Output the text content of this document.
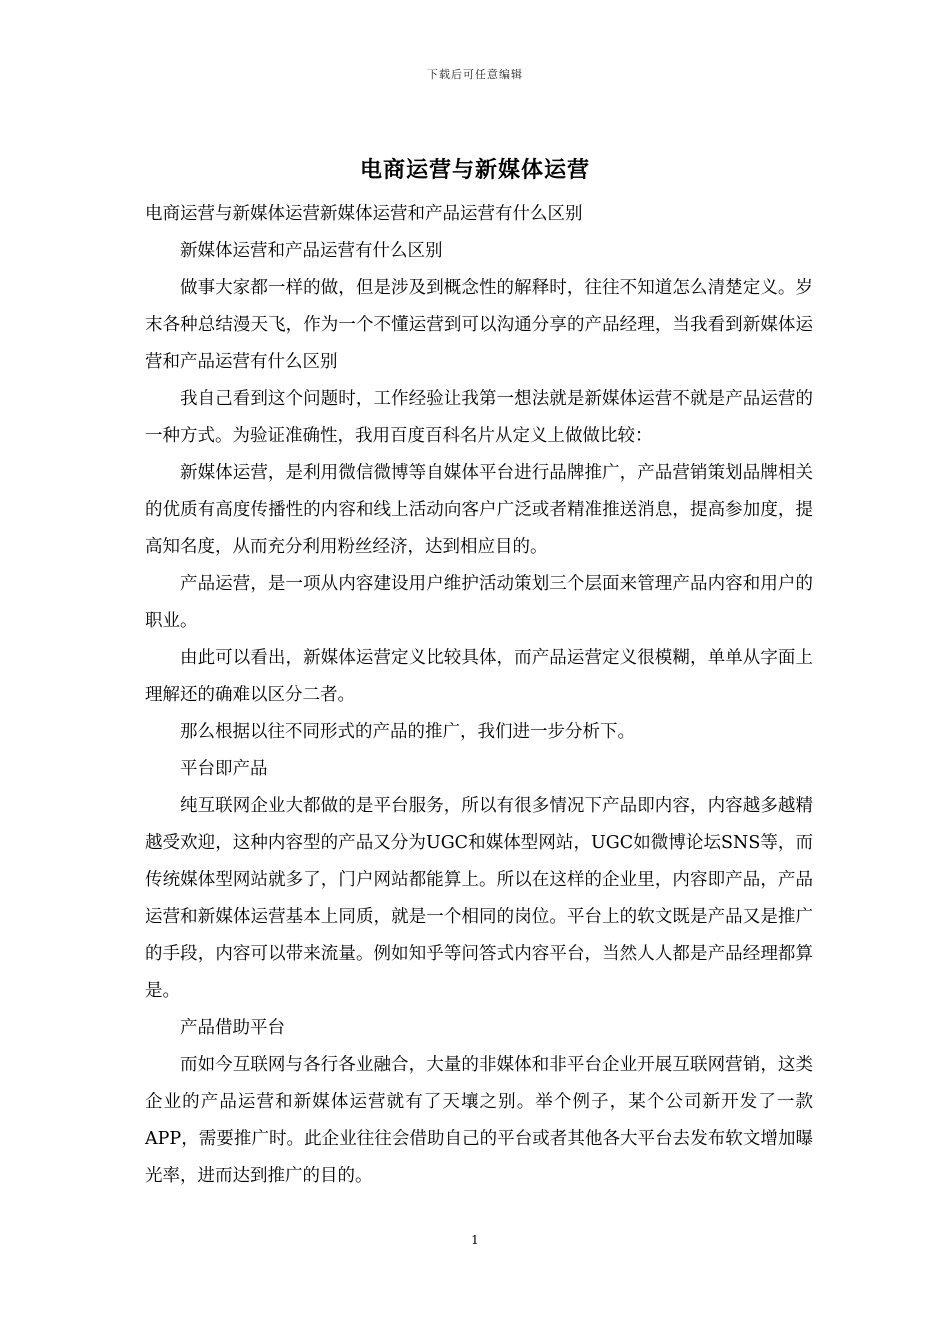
下载后可任意编辑
电商运营与新媒体运营

电商运营与新媒体运营新媒体运营和产品运营有什么区别

新媒体运营和产品运营有什么区别

做事大家都一样的做，但是涉及到概念性的解释时，往往不知道怎么清楚定义。岁末各种总结漫天飞，作为一个不懂运营到可以沟通分享的产品经理，当我看到新媒体运营和产品运营有什么区别

我自己看到这个问题时，工作经验让我第一想法就是新媒体运营不就是产品运营的一种方式。为验证准确性，我用百度百科名片从定义上做做比较：

新媒体运营，是利用微信微博等自媒体平台进行品牌推广，产品营销策划品牌相关的优质有高度传播性的内容和线上活动向客户广泛或者精准推送消息，提高参加度，提高知名度，从而充分利用粉丝经济，达到相应目的。

产品运营，是一项从内容建设用户维护活动策划三个层面来管理产品内容和用户的职业。

由此可以看出，新媒体运营定义比较具体，而产品运营定义很模糊，单单从字面上理解还的确难以区分二者。

那么根据以往不同形式的产品的推广，我们进一步分析下。

平台即产品

纯互联网企业大都做的是平台服务，所以有很多情况下产品即内容，内容越多越精越受欢迎，这种内容型的产品又分为UGC和媒体型网站，UGC如微博论坛SNS等，而传统媒体型网站就多了，门户网站都能算上。所以在这样的企业里，内容即产品，产品运营和新媒体运营基本上同质，就是一个相同的岗位。平台上的软文既是产品又是推广的手段，内容可以带来流量。例如知乎等问答式内容平台，当然人人都是产品经理都算是。

产品借助平台

而如今互联网与各行各业融合，大量的非媒体和非平台企业开展互联网营销，这类企业的产品运营和新媒体运营就有了天壤之别。举个例子，某个公司新开发了一款APP，需要推广时。此企业往往会借助自己的平台或者其他各大平台去发布软文增加曝光率，进而达到推广的目的。

1
